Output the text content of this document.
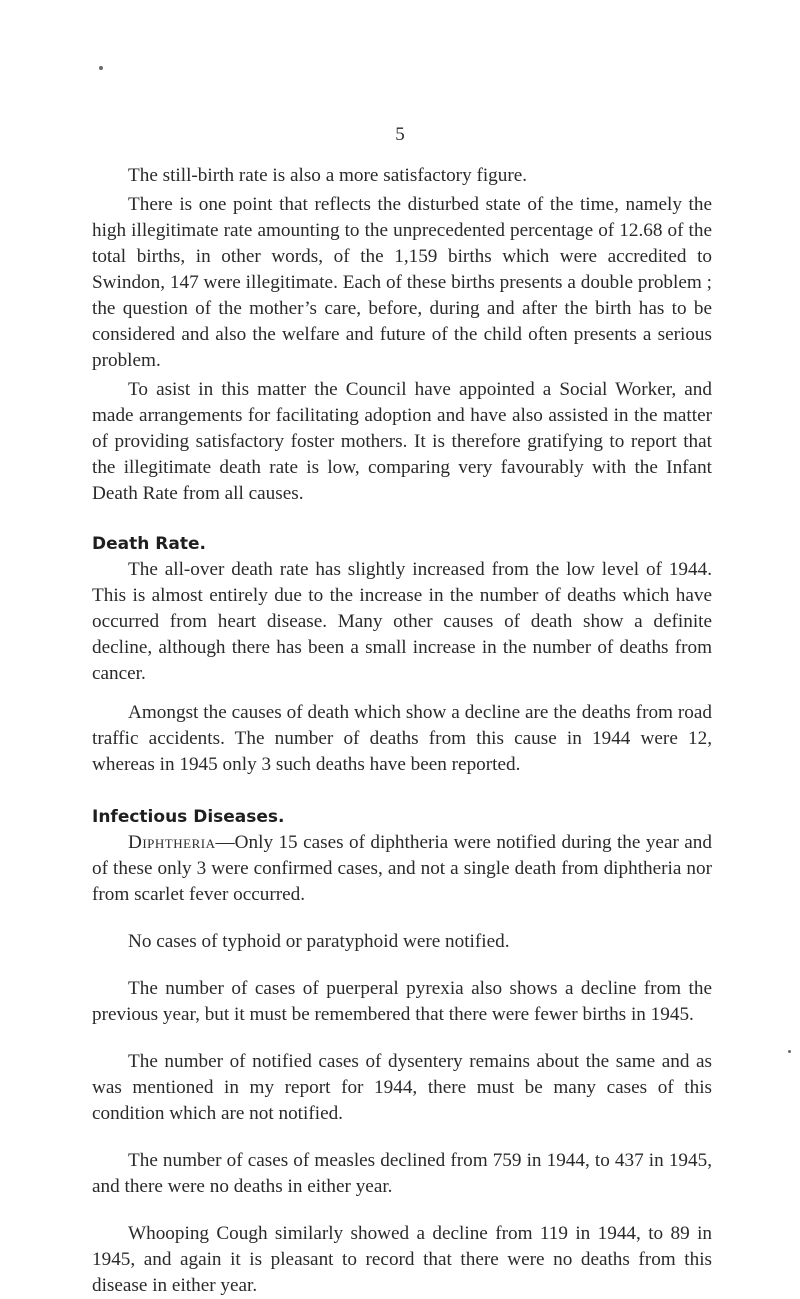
5

The still-birth rate is also a more satisfactory figure.

There is one point that reflects the disturbed state of the time, namely the high illegitimate rate amounting to the unprecedented percentage of 12.68 of the total births, in other words, of the 1,159 births which were accredited to Swindon, 147 were illegitimate. Each of these births presents a double problem ; the question of the mother’s care, before, during and after the birth has to be considered and also the welfare and future of the child often presents a serious problem.

To asist in this matter the Council have appointed a Social Worker, and made arrangements for facilitating adoption and have also assisted in the matter of providing satisfactory foster mothers. It is therefore gratifying to report that the illegitimate death rate is low, comparing very favourably with the Infant Death Rate from all causes.

Death Rate.

The all-over death rate has slightly increased from the low level of 1944. This is almost entirely due to the increase in the number of deaths which have occurred from heart disease. Many other causes of death show a definite decline, although there has been a small increase in the number of deaths from cancer.

Amongst the causes of death which show a decline are the deaths from road traffic accidents. The number of deaths from this cause in 1944 were 12, whereas in 1945 only 3 such deaths have been reported.

Infectious Diseases.

Diphtheria—Only 15 cases of diphtheria were notified during the year and of these only 3 were confirmed cases, and not a single death from diphtheria nor from scarlet fever occurred.

No cases of typhoid or paratyphoid were notified.

The number of cases of puerperal pyrexia also shows a decline from the previous year, but it must be remembered that there were fewer births in 1945.

The number of notified cases of dysentery remains about the same and as was mentioned in my report for 1944, there must be many cases of this condition which are not notified.

The number of cases of measles declined from 759 in 1944, to 437 in 1945, and there were no deaths in either year.

Whooping Cough similarly showed a decline from 119 in 1944, to 89 in 1945, and again it is pleasant to record that there were no deaths from this disease in either year.
